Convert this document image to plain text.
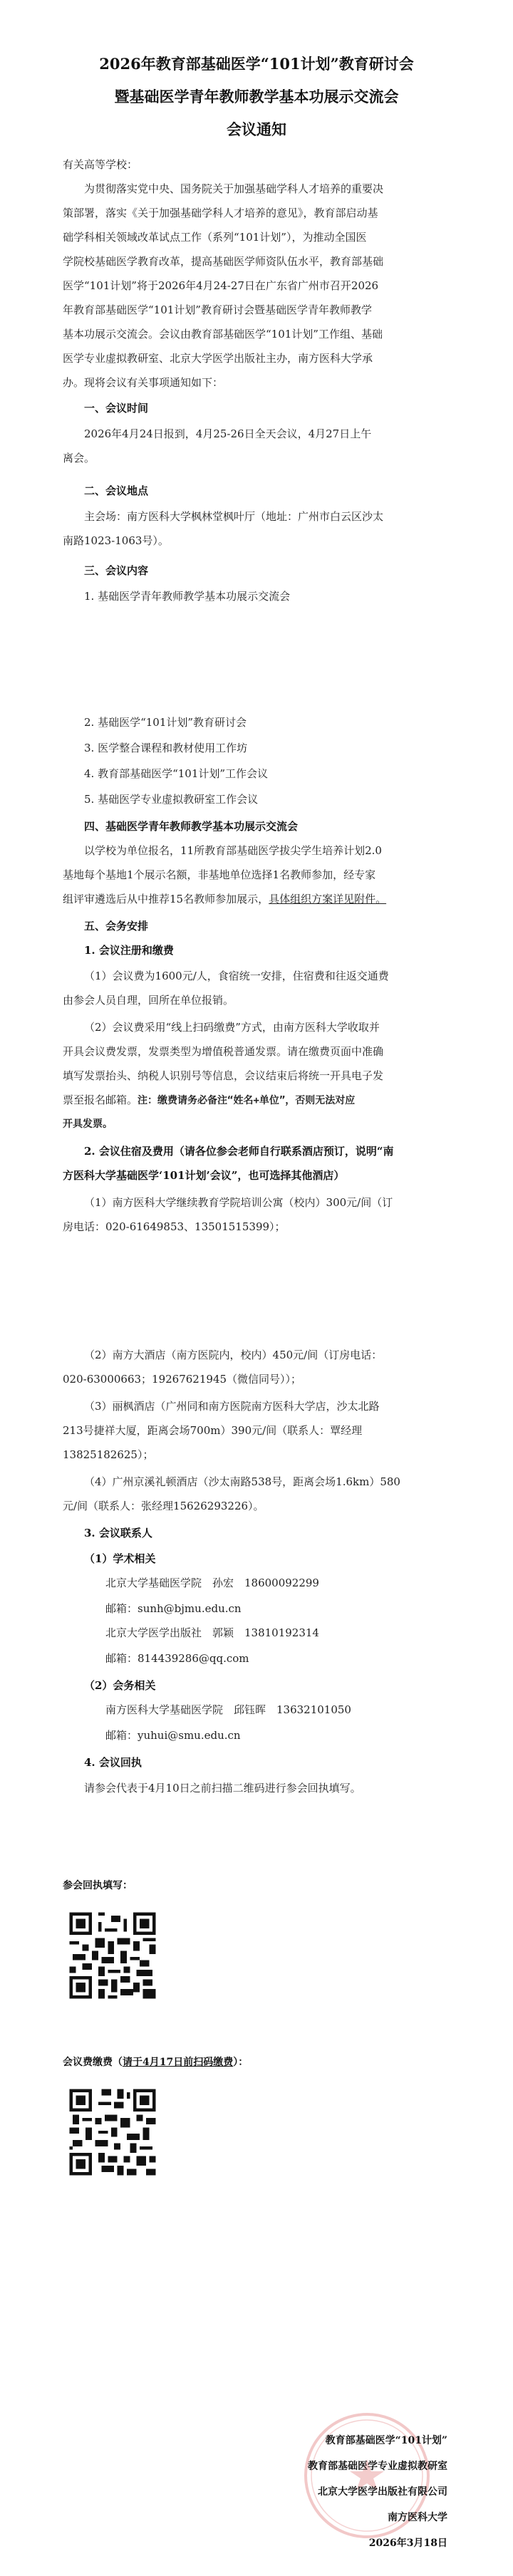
2026年教育部基础医学“101计划”教育研讨会
暨基础医学青年教师教学基本功展示交流会
会议通知
有关高等学校：
为贯彻落实党中央、国务院关于加强基础学科人才培养的重要决
策部署，落实《关于加强基础学科人才培养的意见》，教育部启动基
础学科相关领域改革试点工作（系列“101计划”），为推动全国医
学院校基础医学教育改革，提高基础医学师资队伍水平，教育部基础
医学“101计划”将于2026年4月24-27日在广东省广州市召开2026
年教育部基础医学“101计划”教育研讨会暨基础医学青年教师教学
基本功展示交流会。会议由教育部基础医学“101计划”工作组、基础
医学专业虚拟教研室、北京大学医学出版社主办，南方医科大学承
办。现将会议有关事项通知如下：
一、会议时间
2026年4月24日报到，4月25-26日全天会议，4月27日上午
离会。
二、会议地点
主会场：南方医科大学枫林堂枫叶厅（地址：广州市白云区沙太
南路1023-1063号）。
三、会议内容
1. 基础医学青年教师教学基本功展示交流会
2. 基础医学“101计划”教育研讨会
3. 医学整合课程和教材使用工作坊
4. 教育部基础医学“101计划”工作会议
5. 基础医学专业虚拟教研室工作会议
四、基础医学青年教师教学基本功展示交流会
以学校为单位报名，11所教育部基础医学拔尖学生培养计划2.0
基地每个基地1个展示名额，非基地单位选择1名教师参加，经专家
组评审遴选后从中推荐15名教师参加展示，具体组织方案详见附件。
五、会务安排
1. 会议注册和缴费
（1）会议费为1600元/人，食宿统一安排，住宿费和往返交通费
由参会人员自理，回所在单位报销。
（2）会议费采用“线上扫码缴费”方式，由南方医科大学收取并
开具会议费发票，发票类型为增值税普通发票。请在缴费页面中准确
填写发票抬头、纳税人识别号等信息，会议结束后将统一开具电子发
票至报名邮箱。注：缴费请务必备注“姓名+单位”，否则无法对应
开具发票。
2. 会议住宿及费用（请各位参会老师自行联系酒店预订，说明“南
方医科大学基础医学‘101计划’会议”，也可选择其他酒店）
（1）南方医科大学继续教育学院培训公寓（校内）300元/间（订
房电话：020-61649853、13501515399）；
（2）南方大酒店（南方医院内，校内）450元/间（订房电话：
020-63000663；19267621945（微信同号））；
（3）丽枫酒店（广州同和南方医院南方医科大学店，沙太北路
213号捷祥大厦，距离会场700m）390元/间（联系人：覃经理
13825182625）；
（4）广州京溪礼顿酒店（沙太南路538号，距离会场1.6km）580
元/间（联系人：张经理15626293226）。
3. 会议联系人
（1）学术相关
北京大学基础医学院　孙宏　18600092299
邮箱：sunh@bjmu.edu.cn
北京大学医学出版社　郭颖　13810192314
邮箱：814439286@qq.com
（2）会务相关
南方医科大学基础医学院　邱钰晖　13632101050
邮箱：yuhui@smu.edu.cn
4. 会议回执
请参会代表于4月10日之前扫描二维码进行参会回执填写。
参会回执填写：
会议费缴费（请于4月17日前扫码缴费）：
教育部基础医学“101计划”
教育部基础医学专业虚拟教研室
北京大学医学出版社有限公司
南方医科大学
2026年3月18日
